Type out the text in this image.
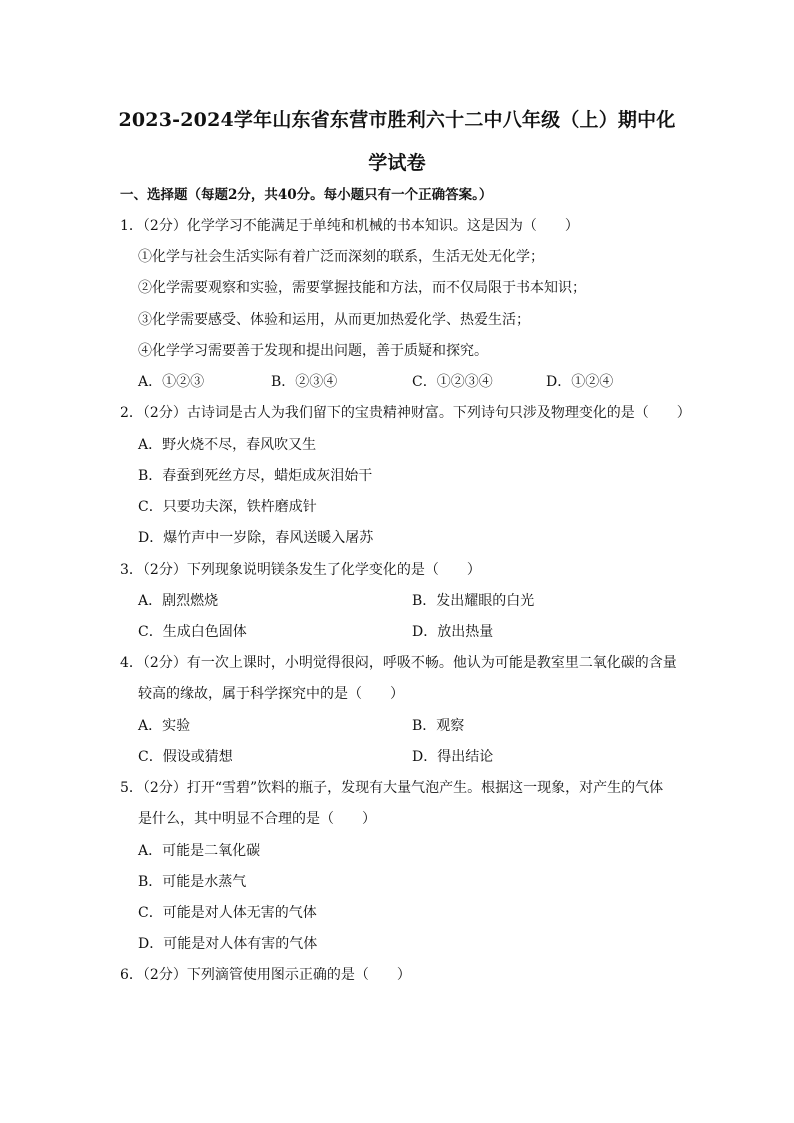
2023-2024学年山东省东营市胜利六十二中八年级（上）期中化
学试卷
一、选择题（每题2分，共40分。每小题只有一个正确答案。）
1．（2分）化学学习不能满足于单纯和机械的书本知识。这是因为（　　）
①化学与社会生活实际有着广泛而深刻的联系，生活无处无化学；
②化学需要观察和实验，需要掌握技能和方法，而不仅局限于书本知识；
③化学需要感受、体验和运用，从而更加热爱化学、热爱生活；
④化学学习需要善于发现和提出问题，善于质疑和探究。
A．①②③	B．②③④	C．①②③④	D．①②④
2．（2分）古诗词是古人为我们留下的宝贵精神财富。下列诗句只涉及物理变化的是（　　）
A．野火烧不尽，春风吹又生
B．春蚕到死丝方尽，蜡炬成灰泪始干
C．只要功夫深，铁杵磨成针
D．爆竹声中一岁除，春风送暖入屠苏
3．（2分）下列现象说明镁条发生了化学变化的是（　　）
A．剧烈燃烧	B．发出耀眼的白光
C．生成白色固体	D．放出热量
4．（2分）有一次上课时，小明觉得很闷，呼吸不畅。他认为可能是教室里二氧化碳的含量
较高的缘故，属于科学探究中的是（　　）
A．实验	B．观察
C．假设或猜想	D．得出结论
5．（2分）打开“雪碧”饮料的瓶子，发现有大量气泡产生。根据这一现象，对产生的气体
是什么，其中明显不合理的是（　　）
A．可能是二氧化碳
B．可能是水蒸气
C．可能是对人体无害的气体
D．可能是对人体有害的气体
6．（2分）下列滴管使用图示正确的是（　　）
